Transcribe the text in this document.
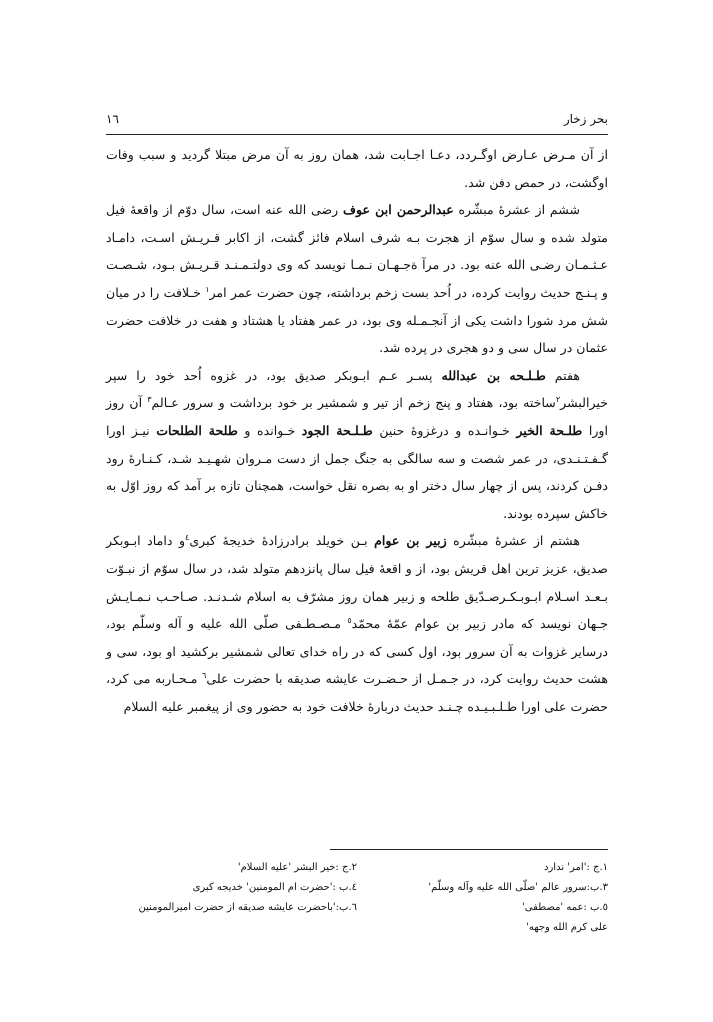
١٦	بحر زخار

از آن مـرض عـارض اوگـردد، دعـا اجـابت شد، همان روز به آن مرض مبتلا گردید و سبب وفات اوگشت، در حمص دفن شد.

ششم از عشرۀ مبشّره عبدالرحمن ابن عوف رضی الله عنه است، سال دوّم از واقعۀ فیل متولد شده و سال سوّم از هجرت بـه شرف اسلام فائز گشت، از اکابر قـریـش اسـت، دامـاد عـثـمـان رضـی الله عنه بود. در مرآ ةجـهـان نـمـا نویسد که وی دولتـمـنـد قـریـش بـود، شـصـت و پـنـج حدیث روایت کرده، در اُحد بست زخم برداشته، چون حضرت عمر امر$^١$ خـلافت را در میان شش مرد شورا داشت یکی از آنجـمـله وی بود، در عمر هفتاد یا هشتاد و هفت در خلافت حضرت عثمان در سال سی و دو هجری در پرده شد.

هفتم طـلـحه بن عبدالله پسـر عـم ابـوبکر صدیق بود، در غزوه اُحد خود را سپر خیرالبشر$^٢$ساخته بود، هفتاد و پنج زخم از تیر و شمشیر بر خود برداشت و سرور عـالم$^٣$ آن روز اورا طلـحة الخیر خـوانـده و درغزوۀ حنین طـلـحة الجود خـوانده و طلحة الطلحات نیـز اورا گـفـتـنـدی، در عمر شصت و سه سالگی به جنگ جمل از دست مـروان شهـیـد شـد، کـنـارۀ رود دفـن کردند، پس از چهار سال دختر او به بصره نقل خواست، همچنان تازه بر آمد که روز اوّل به خاکش سپرده بودند.

هشتم از عشرۀ مبشّره زبیر بن عوام بـن خویلد برادرزادۀ خدیجۀ کبری$^٤$و داماد ابـوبکر صدیق، عزیز ترین اهل قریش بود، از و اقعۀ فیل سال پانزدهم متولد شد، در سال سوّم از نبـوّت بـعـد اسـلام ابـوبـکـرصـدّیق طلحه و زبیر همان روز مشرّف به اسلام شـدنـد. صـاحـب نـمـایـش جـهان نویسد که مادر زبیر بن عوام عمّۀ محمّد$^٥$ مـصـطـفی صلّی الله علیه و آله وسلّم بود، درسایر غزوات به آن سرور بود، اول کسی که در راه خدای تعالی شمشیر برکشید او بود، سی و هشت حدیث روایت کرد، در جـمـل از حـضـرت عایشه صدیقه با حضرت علی$^٦$ مـحـاربه می کرد، حضرت علی اورا طـلـبـیـده چـنـد حدیث دربارۀ خلافت خود به حضور وی از پیغمبر علیه السلام

١.ج :'امر' ندارد
٢.ج :خیر البشر 'علیه السلام'
٣.ب:سرور عالم 'صلّی الله علیه وآله وسلّم'
٤.ب :'حضرت ام المومنین' خدیجه کبری
٥.ب :عمه 'مصطفی'
٦.ب:'باحضرت عایشه صدیقه از حضرت امیرالمومنین
علی کرم الله وجهه'
